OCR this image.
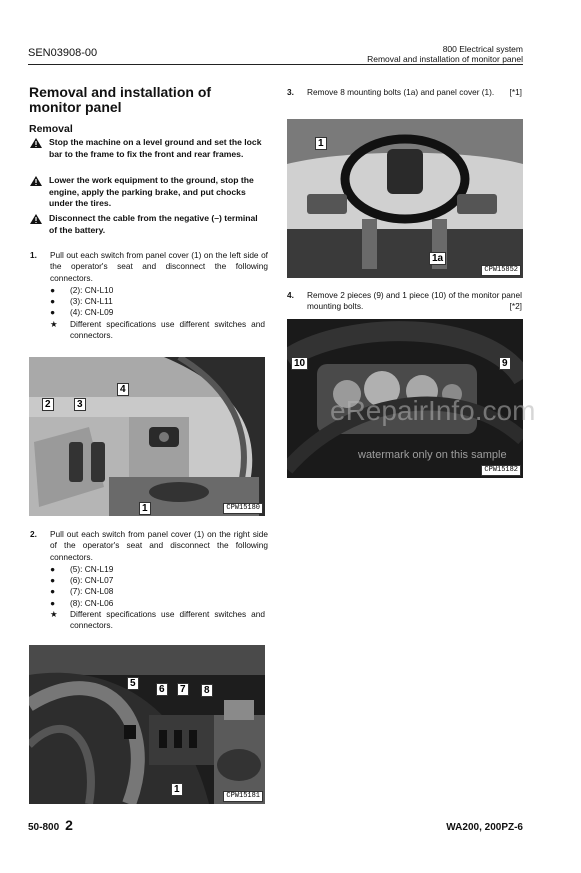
SEN03908-00	800 Electrical system
Removal and installation of monitor panel
Removal and installation of monitor panel
Removal
Stop the machine on a level ground and set the lock bar to the frame to fix the front and rear frames.
Lower the work equipment to the ground, stop the engine, apply the parking brake, and put chocks under the tires.
Disconnect the cable from the negative (–) terminal of the battery.
1. Pull out each switch from panel cover (1) on the left side of the operator's seat and disconnect the following connectors.
● (2): CN-L10
● (3): CN-L11
● (4): CN-L09
★ Different specifications use different switches and connectors.
4
2	3
1	CPW15180
2. Pull out each switch from panel cover (1) on the right side of the operator's seat and disconnect the following connectors.
● (5): CN-L19
● (6): CN-L07
● (7): CN-L08
● (8): CN-L06
★ Different specifications use different switches and connectors.
5
6	7	8
1
CPW15181
3. Remove 8 mounting bolts (1a) and panel cover (1).	[*1]
1
1a
CPW15852
4. Remove 2 pieces (9) and 1 piece (10) of the monitor panel mounting bolts.	[*2]
10	9
CPW15182
eRepairInfo.com
watermark only on this sample
50-800 2	WA200, 200PZ-6
